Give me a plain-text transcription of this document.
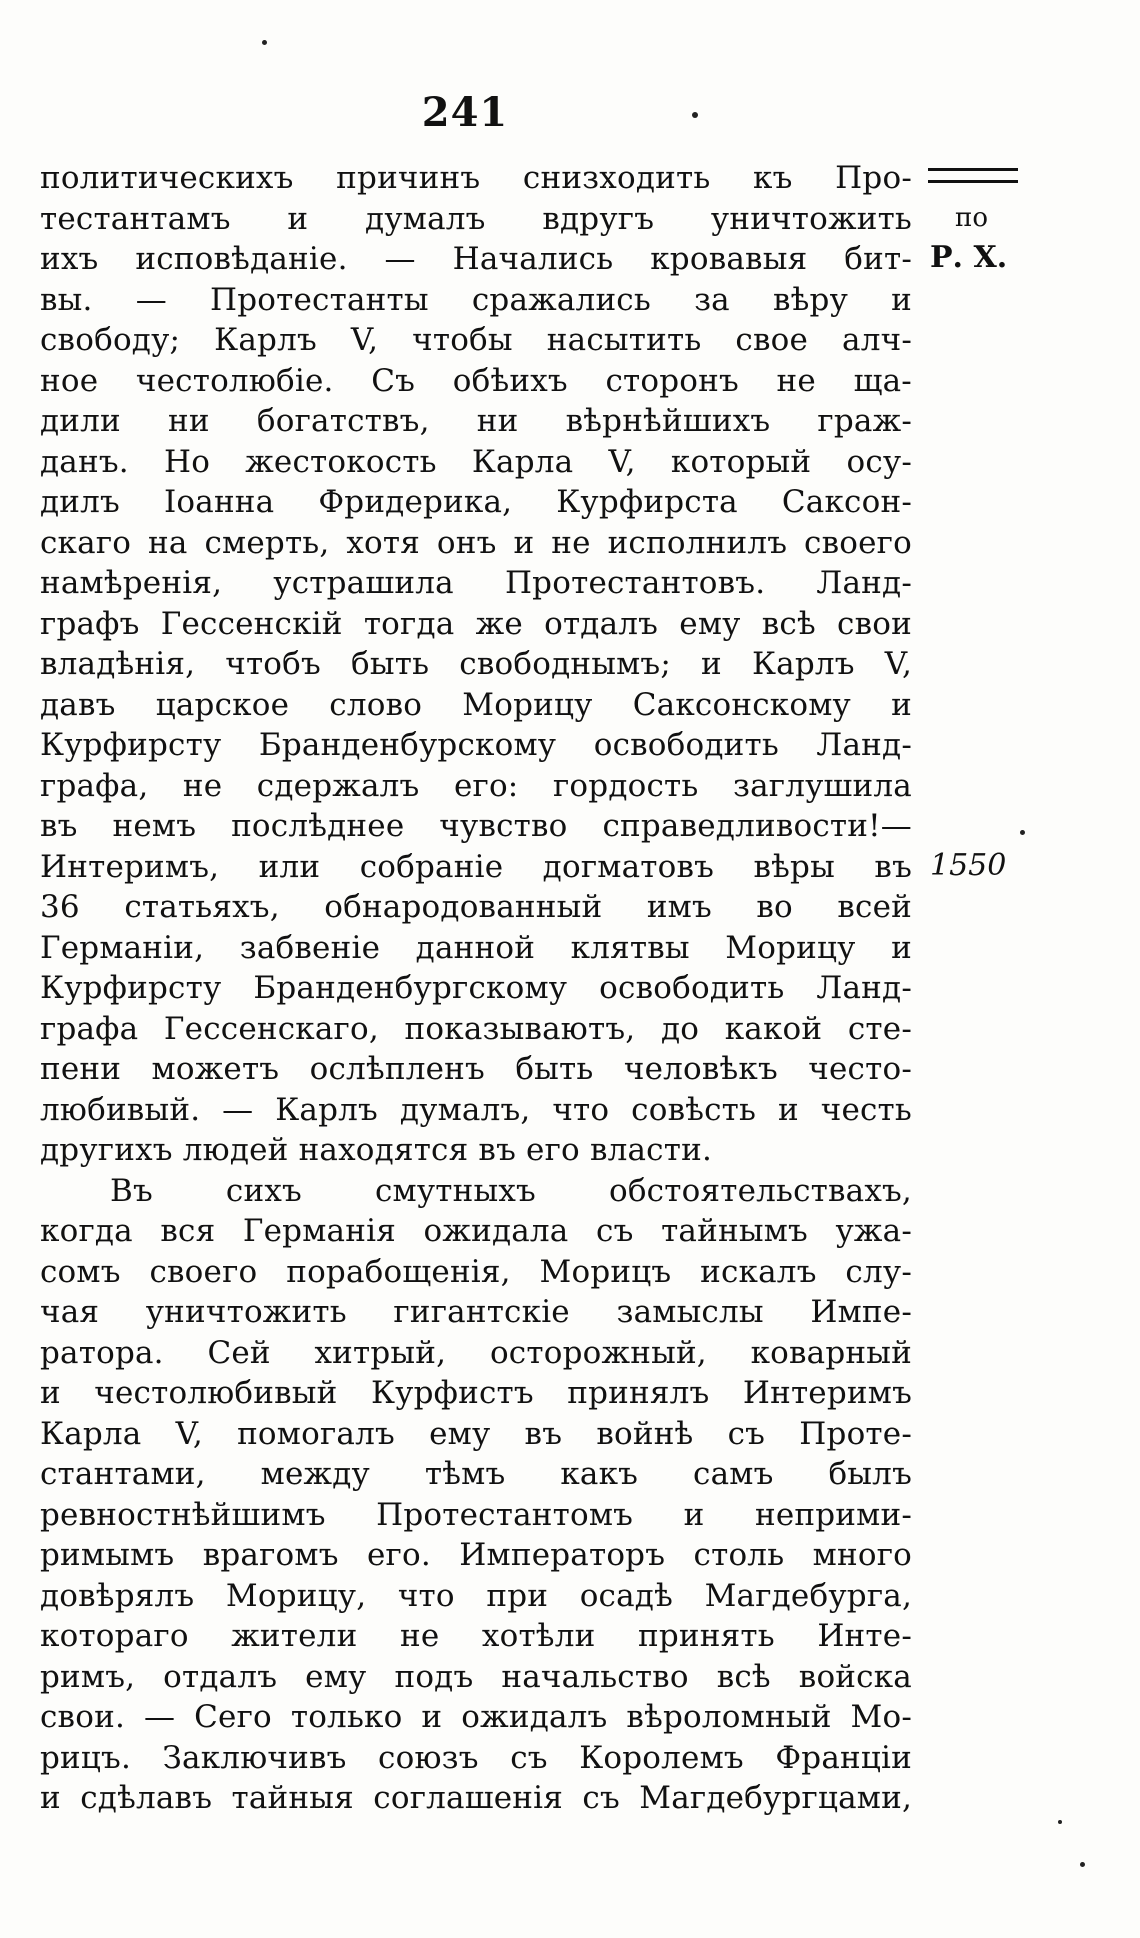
241
по
Р. Х.
1550
политическихъ причинъ снизходить къ Про-
тестантамъ и думалъ вдругъ уничтожить
ихъ исповѣданіе. — Начались кровавыя бит-
вы. — Протестанты сражались за вѣру и
свободу; Карлъ V, чтобы насытить свое алч-
ное честолюбіе. Съ обѣихъ сторонъ не ща-
дили ни богатствъ, ни вѣрнѣйшихъ граж-
данъ. Но жестокость Карла V, который осу-
дилъ Іоанна Фридерика, Курфирста Саксон-
скаго на смерть, хотя онъ и не исполнилъ своего
намѣренія, устрашила Протестантовъ. Ланд-
графъ Гессенскій тогда же отдалъ ему всѣ свои
владѣнія, чтобъ быть свободнымъ; и Карлъ V,
давъ царское слово Морицу Саксонскому и
Курфирсту Бранденбурскому освободить Ланд-
графа, не сдержалъ его: гордость заглушила
въ немъ послѣднее чувство справедливости!—
Интеримъ, или собраніе догматовъ вѣры въ
36 статьяхъ, обнародованный имъ во всей
Германіи, забвеніе данной клятвы Морицу и
Курфирсту Бранденбургскому освободить Ланд-
графа Гессенскаго, показываютъ, до какой сте-
пени можетъ ослѣпленъ быть человѣкъ често-
любивый. — Карлъ думалъ, что совѣсть и честь
другихъ людей находятся въ его власти.
Въ сихъ смутныхъ обстоятельствахъ,
когда вся Германія ожидала съ тайнымъ ужа-
сомъ своего порабощенія, Морицъ искалъ слу-
чая уничтожить гигантскіе замыслы Импе-
ратора. Сей хитрый, осторожный, коварный
и честолюбивый Курфистъ принялъ Интеримъ
Карла V, помогалъ ему въ войнѣ съ Проте-
стантами, между тѣмъ какъ самъ былъ
ревностнѣйшимъ Протестантомъ и неприми-
римымъ врагомъ его. Императоръ столь много
довѣрялъ Морицу, что при осадѣ Магдебурга,
котораго жители не хотѣли принять Инте-
римъ, отдалъ ему подъ начальство всѣ войска
свои. — Сего только и ожидалъ вѣроломный Мо-
рицъ. Заключивъ союзъ съ Королемъ Франціи
и сдѣлавъ тайныя соглашенія съ Магдебургцами,
